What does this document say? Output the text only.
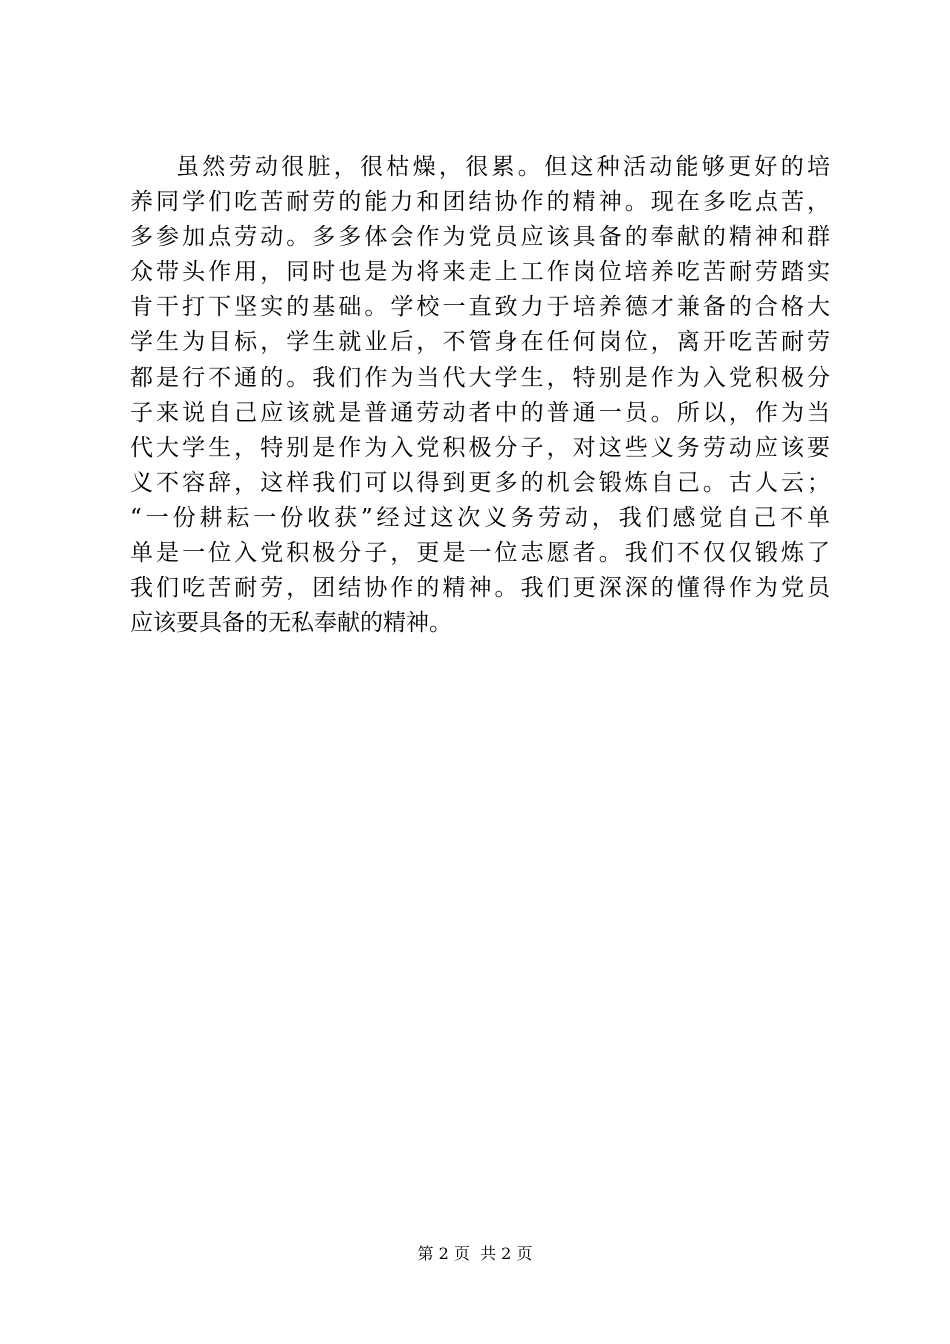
虽然劳动很脏，很枯燥，很累。但这种活动能够更好的培
养同学们吃苦耐劳的能力和团结协作的精神。现在多吃点苦，
多参加点劳动。多多体会作为党员应该具备的奉献的精神和群
众带头作用，同时也是为将来走上工作岗位培养吃苦耐劳踏实
肯干打下坚实的基础。学校一直致力于培养德才兼备的合格大
学生为目标，学生就业后，不管身在任何岗位，离开吃苦耐劳
都是行不通的。我们作为当代大学生，特别是作为入党积极分
子来说自己应该就是普通劳动者中的普通一员。所以，作为当
代大学生，特别是作为入党积极分子，对这些义务劳动应该要
义不容辞，这样我们可以得到更多的机会锻炼自己。古人云；
“一份耕耘一份收获”经过这次义务劳动，我们感觉自己不单
单是一位入党积极分子，更是一位志愿者。我们不仅仅锻炼了
我们吃苦耐劳，团结协作的精神。我们更深深的懂得作为党员
应该要具备的无私奉献的精神。
第 2 页  共 2 页
